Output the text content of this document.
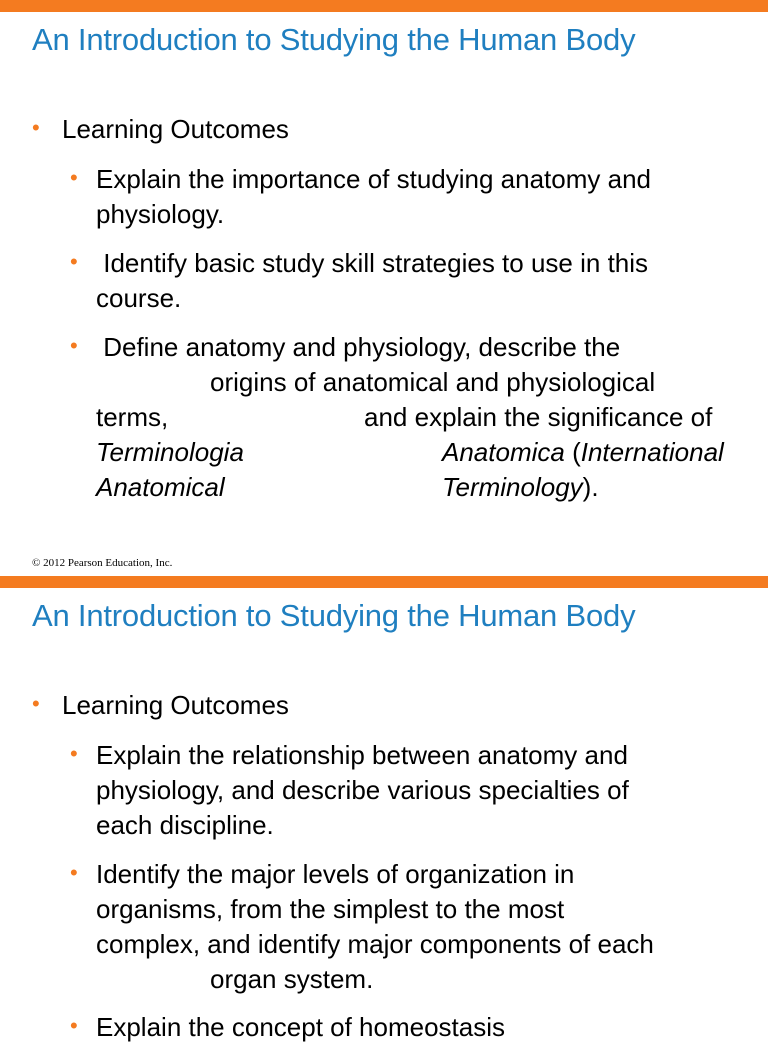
An Introduction to Studying the Human Body
• Learning Outcomes
• Explain the importance of studying anatomy and
physiology.
• Identify basic study skill strategies to use in this
course.
• Define anatomy and physiology, describe the
origins of anatomical and physiological
terms,	and explain the significance of
Terminologia	Anatomica (International
Anatomical	Terminology).
© 2012 Pearson Education, Inc.
An Introduction to Studying the Human Body
• Learning Outcomes
• Explain the relationship between anatomy and
physiology, and describe various specialties of
each discipline.
• Identify the major levels of organization in
organisms, from the simplest to the most
complex, and identify major components of each
organ system.
• Explain the concept of homeostasis
